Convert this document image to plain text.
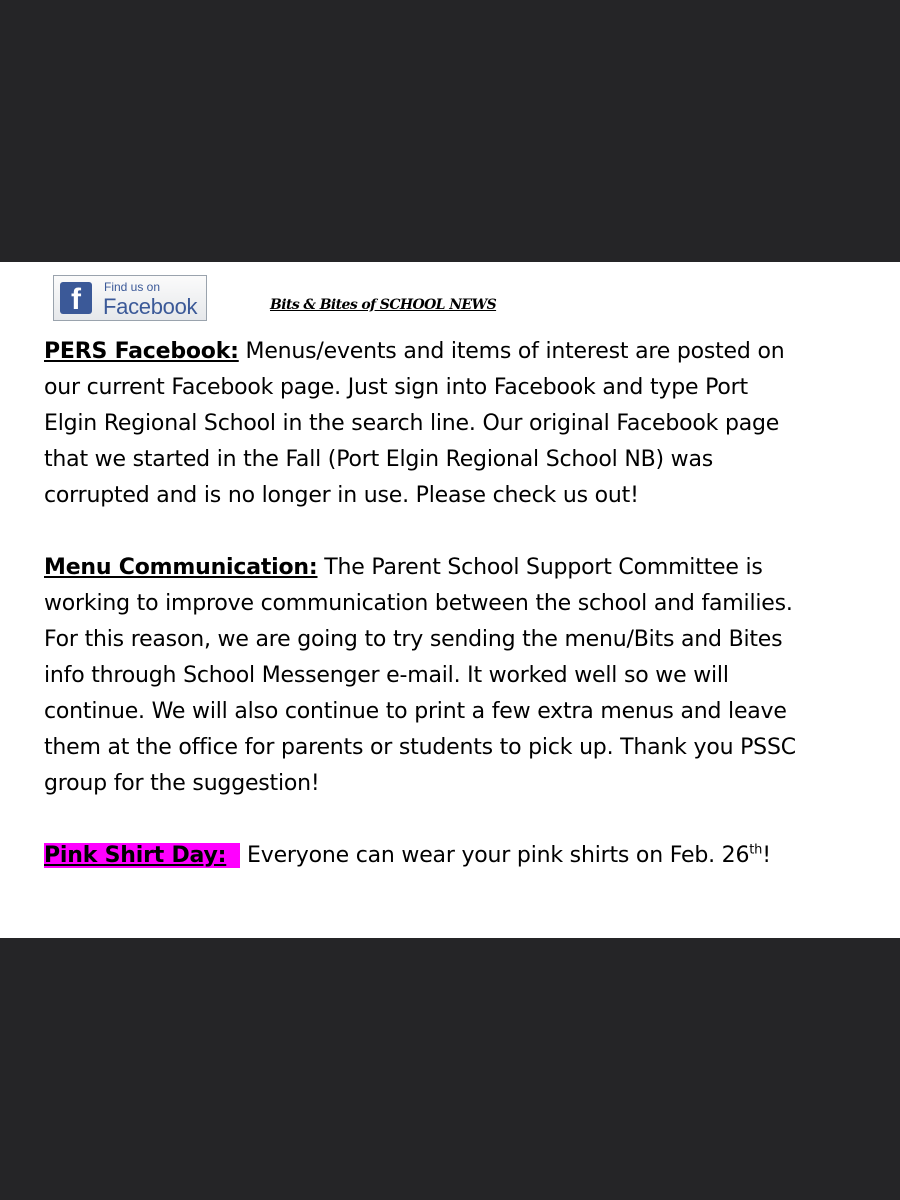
f	Find us on
Facebook	Bits & Bites of SCHOOL NEWS
PERS Facebook: Menus/events and items of interest are posted on
our current Facebook page. Just sign into Facebook and type Port
Elgin Regional School in the search line. Our original Facebook page
that we started in the Fall (Port Elgin Regional School NB) was
corrupted and is no longer in use. Please check us out!
Menu Communication: The Parent School Support Committee is
working to improve communication between the school and families.
For this reason, we are going to try sending the menu/Bits and Bites
info through School Messenger e-mail. It worked well so we will
continue. We will also continue to print a few extra menus and leave
them at the office for parents or students to pick up. Thank you PSSC
group for the suggestion!
Pink Shirt Day: Everyone can wear your pink shirts on Feb. 26th!
